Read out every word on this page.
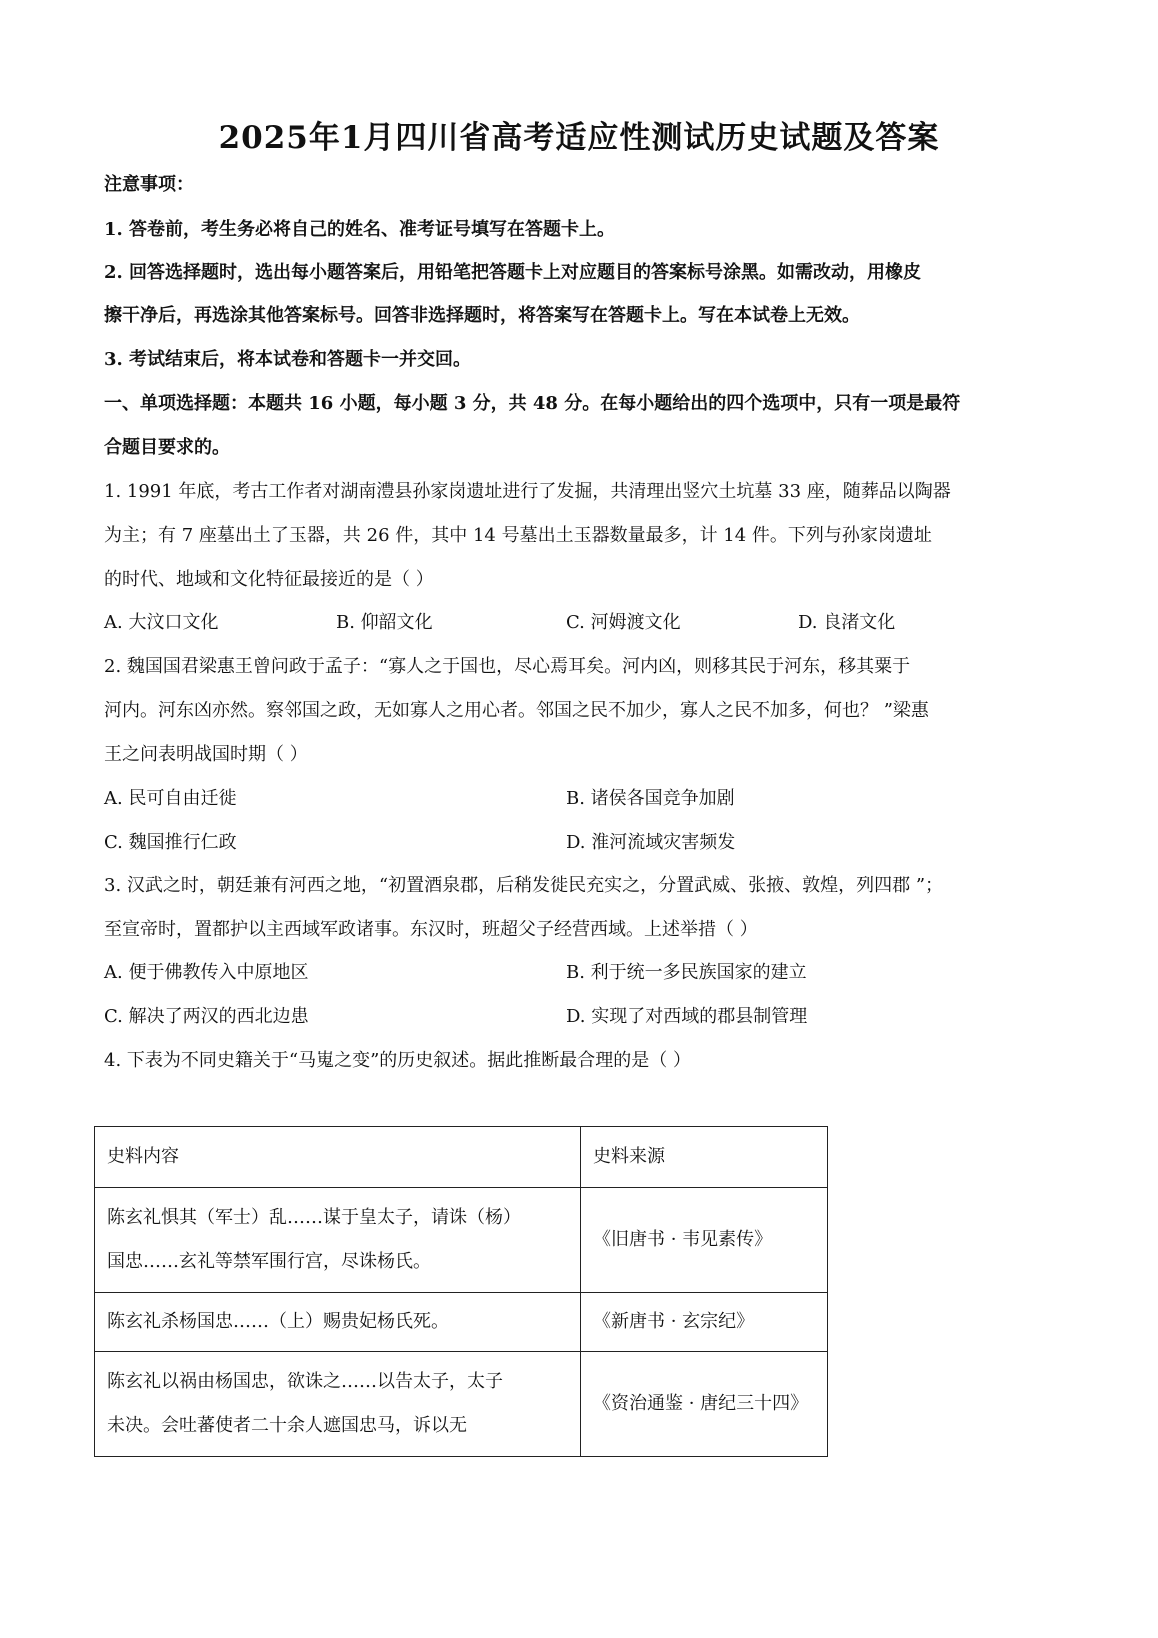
2025年1月四川省高考适应性测试历史试题及答案
注意事项：
1. 答卷前，考生务必将自己的姓名、准考证号填写在答题卡上。
2. 回答选择题时，选出每小题答案后，用铅笔把答题卡上对应题目的答案标号涂黑。如需改动，用橡皮
擦干净后，再选涂其他答案标号。回答非选择题时，将答案写在答题卡上。写在本试卷上无效。
3. 考试结束后，将本试卷和答题卡一并交回。
一、单项选择题：本题共 16 小题，每小题 3 分，共 48 分。在每小题给出的四个选项中，只有一项是最符
合题目要求的。
1. 1991 年底，考古工作者对湖南澧县孙家岗遗址进行了发掘，共清理出竖穴土坑墓 33 座，随葬品以陶器
为主；有 7 座墓出土了玉器，共 26 件，其中 14 号墓出土玉器数量最多，计 14 件。下列与孙家岗遗址
的时代、地域和文化特征最接近的是（ ）
A. 大汶口文化	B. 仰韶文化	C. 河姆渡文化	D. 良渚文化
2. 魏国国君梁惠王曾问政于孟子：“寡人之于国也，尽心焉耳矣。河内凶，则移其民于河东，移其粟于
河内。河东凶亦然。察邻国之政，无如寡人之用心者。邻国之民不加少，寡人之民不加多，何也？ ”梁惠
王之问表明战国时期（ ）
A. 民可自由迁徙	B. 诸侯各国竞争加剧
C. 魏国推行仁政	D. 淮河流域灾害频发
3. 汉武之时，朝廷兼有河西之地，“初置酒泉郡，后稍发徙民充实之，分置武威、张掖、敦煌，列四郡 ”；
至宣帝时，置都护以主西域军政诸事。东汉时，班超父子经营西域。上述举措（ ）
A. 便于佛教传入中原地区	B. 利于统一多民族国家的建立
C. 解决了两汉的西北边患	D. 实现了对西域的郡县制管理
4. 下表为不同史籍关于“马嵬之变”的历史叙述。据此推断最合理的是（ ）
史料内容	史料来源

陈玄礼惧其（军士）乱……谋于皇太子，请诛（杨）
国忠……玄礼等禁军围行宫，尽诛杨氏。	《旧唐书 · 韦见素传》

陈玄礼杀杨国忠……（上）赐贵妃杨氏死。	《新唐书 · 玄宗纪》

陈玄礼以祸由杨国忠，欲诛之……以告太子，太子
未决。会吐蕃使者二十余人遮国忠马，诉以无	《资治通鉴 · 唐纪三十四》
